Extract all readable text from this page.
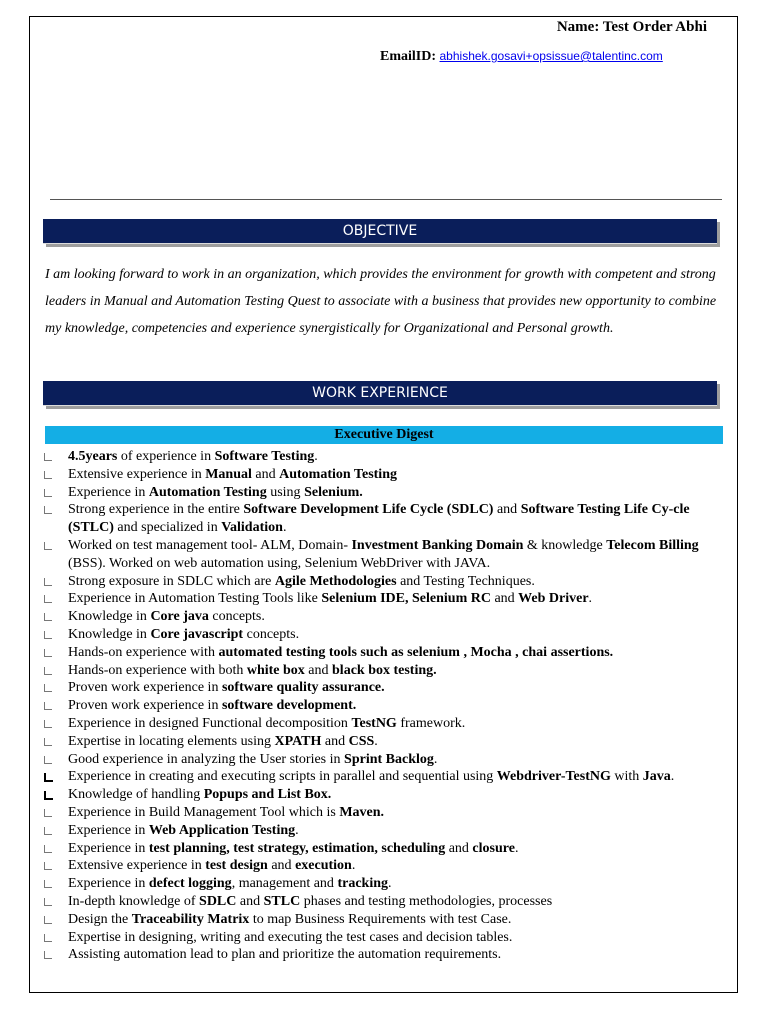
Name: Test Order Abhi
EmailID: abhishek.gosavi+opsissue@talentinc.com
OBJECTIVE
I am looking forward to work in an organization, which provides the environment for growth with competent and strong leaders in Manual and Automation Testing Quest to associate with a business that provides new opportunity to combine my knowledge, competencies and experience synergistically for Organizational and Personal growth.
WORK EXPERIENCE
Executive Digest
4.5years of experience in Software Testing.
Extensive experience in Manual and Automation Testing
Experience in Automation Testing using Selenium.
Strong experience in the entire Software Development Life Cycle (SDLC) and Software Testing Life Cy-cle (STLC) and specialized in Validation.
Worked on test management tool- ALM, Domain- Investment Banking Domain & knowledge Telecom Billing (BSS). Worked on web automation using, Selenium WebDriver with JAVA.
Strong exposure in SDLC which are Agile Methodologies and Testing Techniques.
Experience in Automation Testing Tools like Selenium IDE, Selenium RC and Web Driver.
Knowledge in Core java concepts.
Knowledge in Core javascript concepts.
Hands-on experience with automated testing tools such as selenium , Mocha , chai assertions.
Hands-on experience with both white box and black box testing.
Proven work experience in software quality assurance.
Proven work experience in software development.
Experience in designed Functional decomposition TestNG framework.
Expertise in locating elements using XPATH and CSS.
Good experience in analyzing the User stories in Sprint Backlog.
Experience in creating and executing scripts in parallel and sequential using Webdriver-TestNG with Java.
Knowledge of handling Popups and List Box.
Experience in Build Management Tool which is Maven.
Experience in Web Application Testing.
Experience in test planning, test strategy, estimation, scheduling and closure.
Extensive experience in test design and execution.
Experience in defect logging, management and tracking.
In-depth knowledge of SDLC and STLC phases and testing methodologies, processes
Design the Traceability Matrix to map Business Requirements with test Case.
Expertise in designing, writing and executing the test cases and decision tables.
Assisting automation lead to plan and prioritize the automation requirements.
